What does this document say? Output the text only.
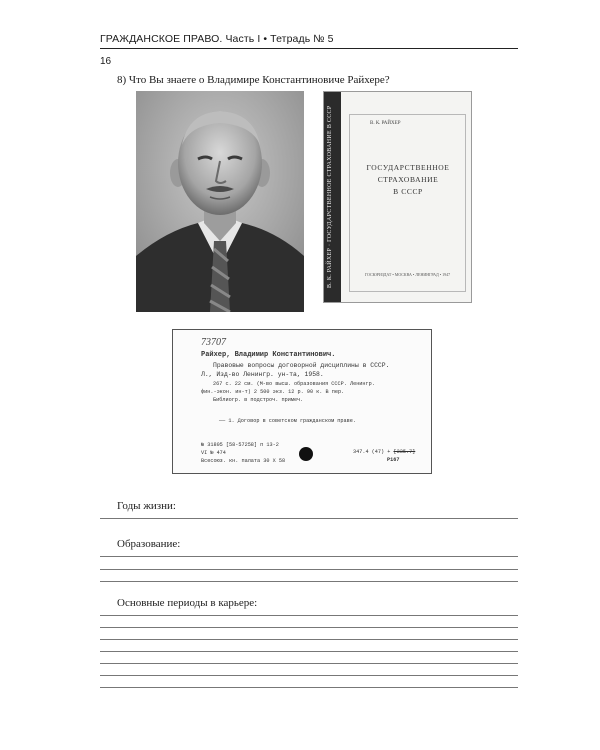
ГРАЖДАНСКОЕ ПРАВО. Часть I • Тетрадь № 5
16
8) Что Вы знаете о Владимире Константиновиче Райхере?
В. К. РАЙХЕР · ГОСУДАРСТВЕННОЕ СТРАХОВАНИЕ В СССР	В. К. РАЙХЕР
ГОСУДАРСТВЕННОЕ
СТРАХОВАНИЕ
В СССР
ГОСЮРИЗДАТ • МОСКВА • ЛЕНИНГРАД • 1947
73707
Райхер, Владимир Константинович.
Правовые вопросы договорной дисциплины в СССР.
Л., Изд-во Ленингр. ун-та, 1958.
267 с. 22 см. (М-во высш. образования СССР. Ленингр.
фин.-экон. ин-т) 2 500 экз. 12 р. 90 к. В пер.
Библиогр. в подстроч. примеч.
—— 1. Договор в советском гражданском праве.
№ 31805 [58-57258] п 13-2
VI № 474
Всесоюз. кн. палата 30 Х 58
347.4 (47) + [335.7]
Р167
Годы жизни:
Образование:
Основные периоды в карьере:
